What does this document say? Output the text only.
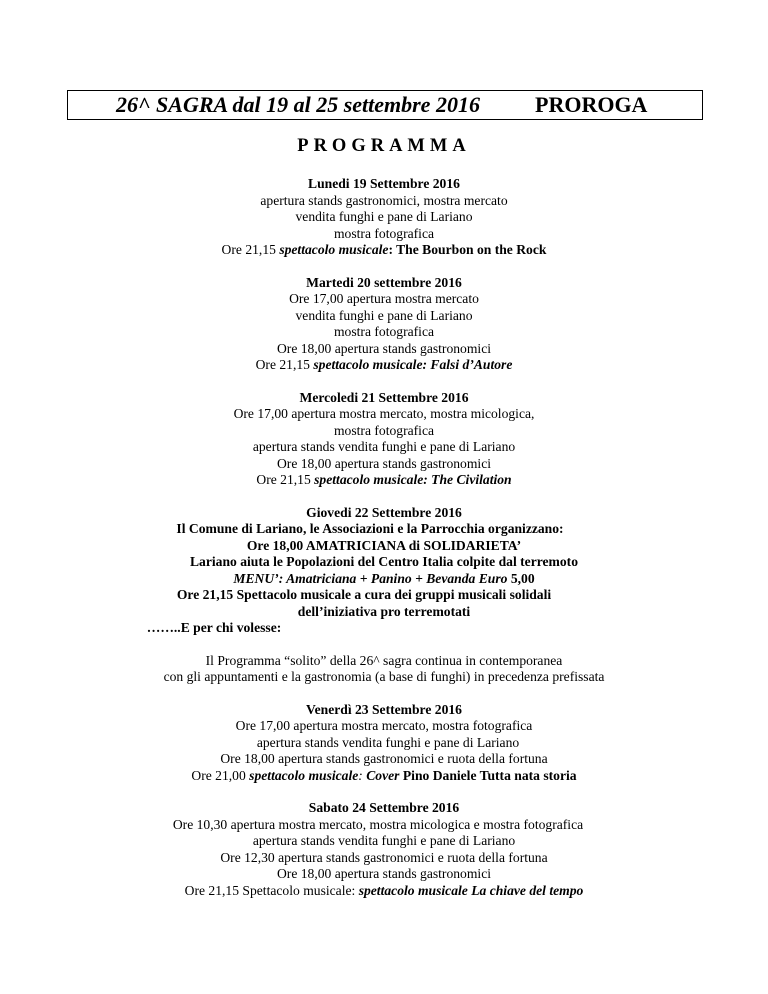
26^ SAGRA dal 19 al 25 settembre 2016	PROROGA
PROGRAMMA
Lunedi 19 Settembre 2016
apertura stands gastronomici, mostra mercato
vendita funghi e pane di Lariano
mostra fotografica
Ore 21,15 spettacolo musicale: The Bourbon on the Rock
Martedi 20 settembre 2016
Ore 17,00 apertura mostra mercato
vendita funghi e pane di Lariano
mostra fotografica
Ore 18,00 apertura stands gastronomici
Ore 21,15 spettacolo musicale: Falsi d’Autore
Mercoledi 21 Settembre 2016
Ore 17,00 apertura mostra mercato, mostra micologica,
mostra fotografica
apertura stands vendita funghi e pane di Lariano
Ore 18,00 apertura stands gastronomici
Ore 21,15 spettacolo musicale: The Civilation
Giovedi 22 Settembre 2016
Il Comune di Lariano, le Associazioni e la Parrocchia organizzano:
Ore 18,00 AMATRICIANA di SOLIDARIETA’
Lariano aiuta le Popolazioni del Centro Italia colpite dal terremoto
MENU’: Amatriciana + Panino + Bevanda Euro 5,00
Ore 21,15 Spettacolo musicale a cura dei gruppi musicali solidali
dell’iniziativa pro terremotati
……..E per chi volesse:
Il Programma “solito” della 26^ sagra continua in contemporanea
con gli appuntamenti e la gastronomia (a base di funghi) in precedenza prefissata
Venerdì 23 Settembre 2016
Ore 17,00 apertura mostra mercato, mostra fotografica
apertura stands vendita funghi e pane di Lariano
Ore 18,00 apertura stands gastronomici e ruota della fortuna
Ore 21,00 spettacolo musicale: Cover Pino Daniele Tutta nata storia
Sabato 24 Settembre 2016
Ore 10,30 apertura mostra mercato, mostra micologica e mostra fotografica
apertura stands vendita funghi e pane di Lariano
Ore 12,30 apertura stands gastronomici e ruota della fortuna
Ore 18,00 apertura stands gastronomici
Ore 21,15 Spettacolo musicale: spettacolo musicale La chiave del tempo
